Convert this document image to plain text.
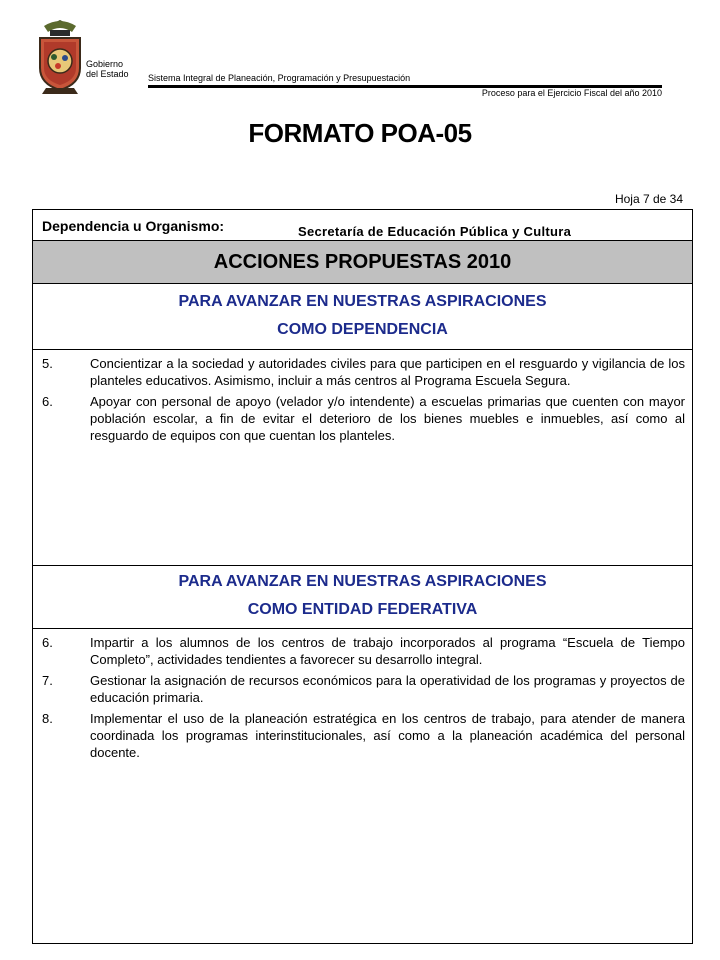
Gobierno
del Estado Sistema Integral de Planeación, Programación y Presupuestación
Proceso para el Ejercicio Fiscal del año 2010
FORMATO POA-05
Hoja 7 de 34
Dependencia u Organismo:	Secretaría de Educación Pública y Cultura
ACCIONES PROPUESTAS 2010
PARA AVANZAR EN NUESTRAS ASPIRACIONES
COMO DEPENDENCIA
5.	Concientizar a la sociedad y autoridades civiles para que participen en el resguardo y vigilancia de los planteles educativos. Asimismo, incluir a más centros al Programa Escuela Segura.
6.	Apoyar con personal de apoyo (velador y/o intendente) a escuelas primarias que cuenten con mayor población escolar, a fin de evitar el deterioro de los bienes muebles e inmuebles, así como al resguardo de equipos con que cuentan los planteles.
PARA AVANZAR EN NUESTRAS ASPIRACIONES
COMO ENTIDAD FEDERATIVA
6.	Impartir a los alumnos de los centros de trabajo incorporados al programa “Escuela de Tiempo Completo”, actividades tendientes a favorecer su desarrollo integral.
7.	Gestionar la asignación de recursos económicos para la operatividad de los programas y proyectos de educación primaria.
8.	Implementar el uso de la planeación estratégica en los centros de trabajo, para atender de manera coordinada los programas interinstitucionales, así como a la planeación académica del personal docente.
